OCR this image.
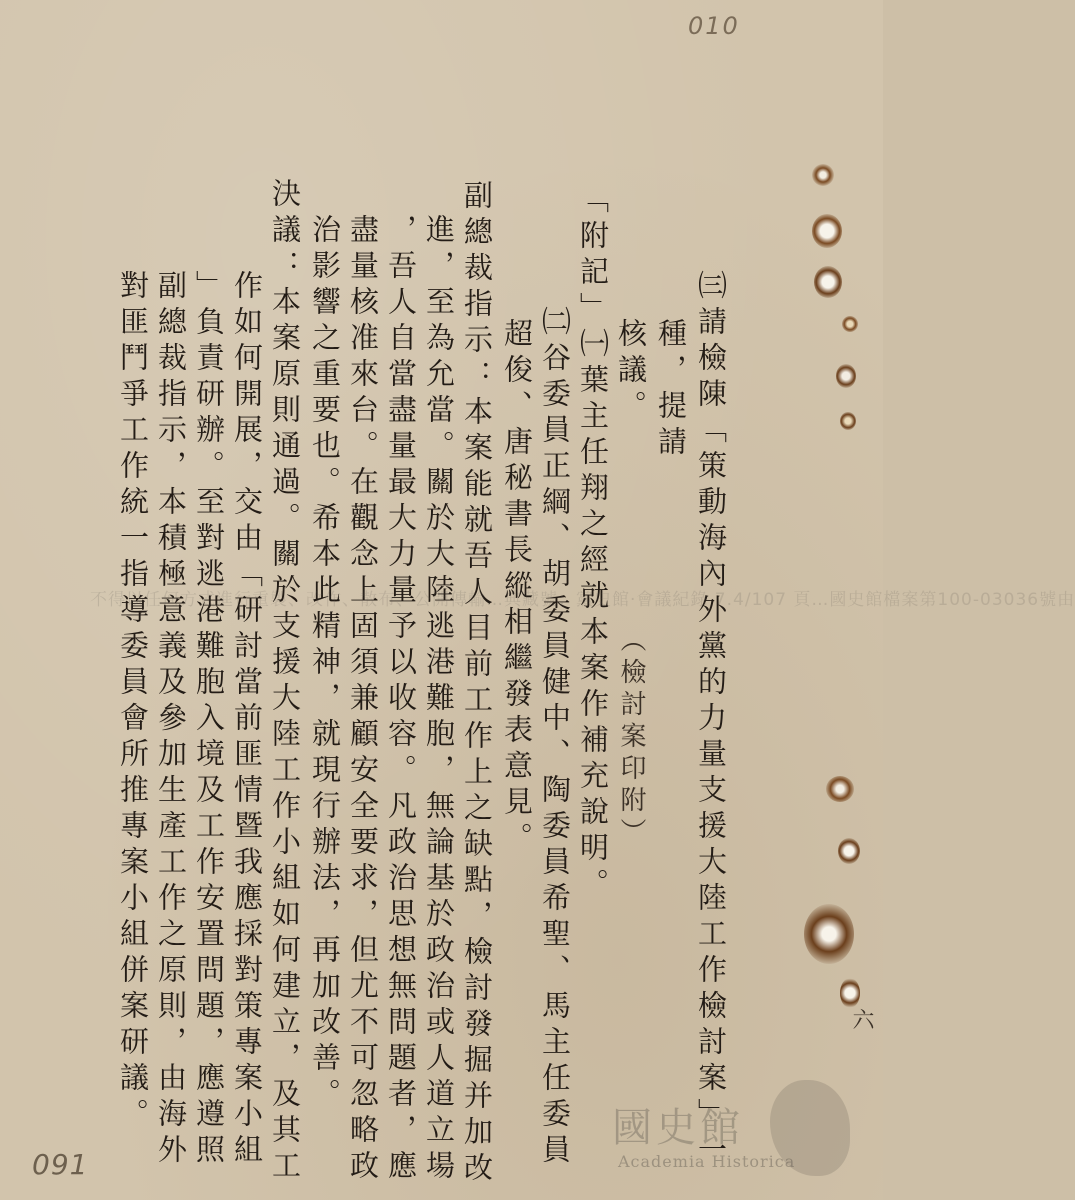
010
六
㈢請檢陳「策動海內外黨的力量支援大陸工作檢討案」一
種，提請
核議。
「附記」㈠葉主任翔之經就本案作補充說明。
㈡谷委員正綱、胡委員健中、陶委員希聖、馬主任委員
超俊、唐秘書長縱相繼發表意見。	（檢討案印附）
副總裁指示：本案能就吾人目前工作上之缺點，檢討發掘并加改
進，至為允當。關於大陸逃港難胞，無論基於政治或人道立場
，吾人自當盡量最大力量予以收容。凡政治思想無問題者，應
盡量核准來台。在觀念上固須兼顧安全要求，但尤不可忽略政
治影響之重要也。希本此精神，就現行辦法，再加改善。
決議：本案原則通過。關於支援大陸工作小組如何建立，及其工
作如何開展，交由「研討當前匪情暨我應採對策專案小組
」負責研辦。至對逃港難胞入境及工作安置問題，應遵照
副總裁指示，本積極意義及參加生產工作之原則，由海外
對匪鬥爭工作統一指導委員會所推專案小組併案研議。
不得以任何方式進行重製、改作、散布、公開傳輸…典藏號：黨史館·會議紀錄 7.4/107 頁…國史館檔案第100-03036號由
國史館
Academia Historica
091
